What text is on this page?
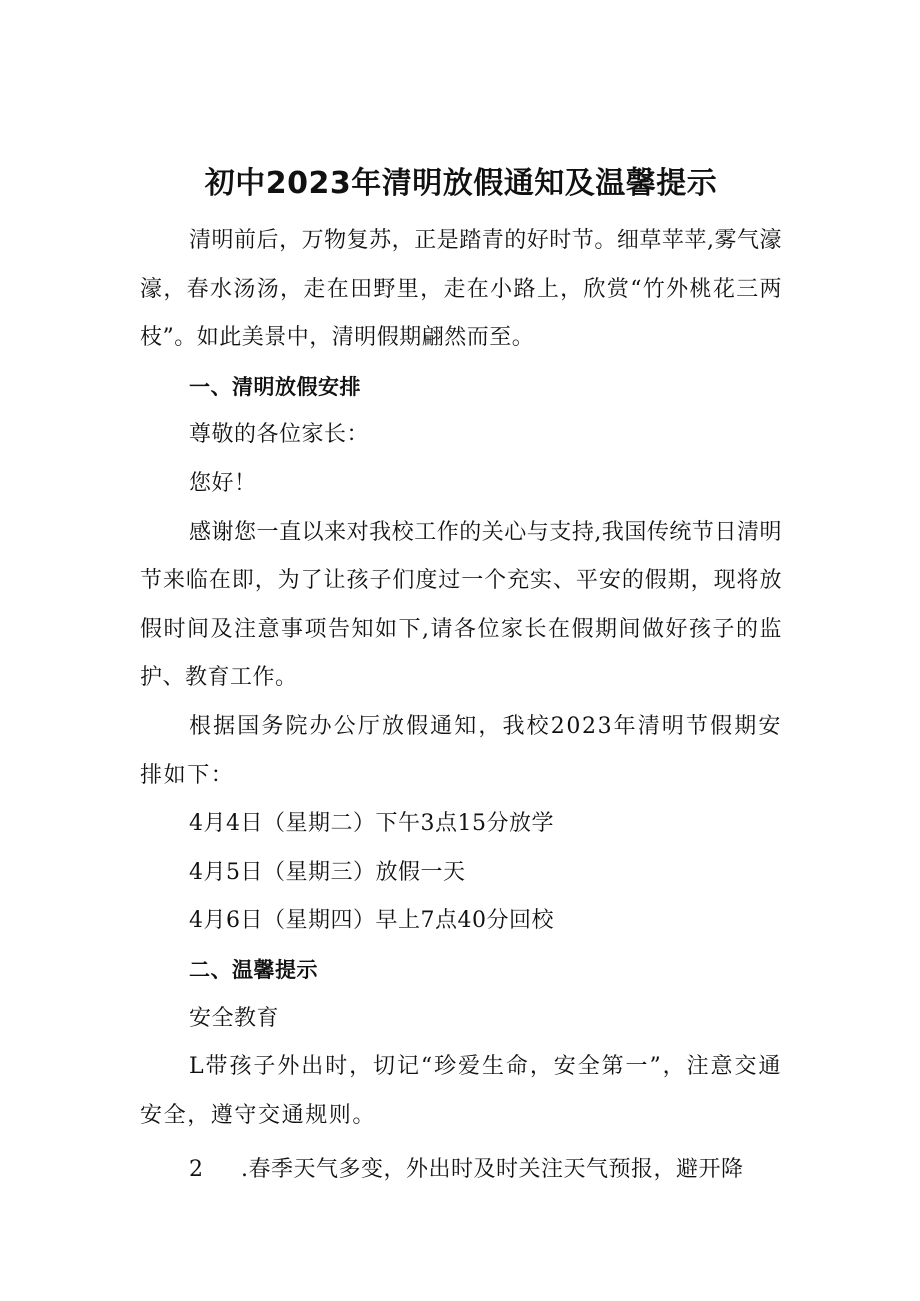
初中2023年清明放假通知及温馨提示

清明前后，万物复苏，正是踏青的好时节。细草苹苹,雾气濠濠，春水汤汤，走在田野里，走在小路上，欣赏“竹外桃花三两枝”。如此美景中，清明假期翩然而至。

一、清明放假安排

尊敬的各位家长：

您好！

感谢您一直以来对我校工作的关心与支持,我国传统节日清明节来临在即，为了让孩子们度过一个充实、平安的假期，现将放假时间及注意事项告知如下,请各位家长在假期间做好孩子的监护、教育工作。

根据国务院办公厅放假通知，我校2023年清明节假期安排如下：

4月4日（星期二）下午3点15分放学

4月5日（星期三）放假一天

4月6日（星期四）早上7点40分回校

二、温馨提示

安全教育

L带孩子外出时，切记“珍爱生命，安全第一”，注意交通安全，遵守交通规则。

2 .春季天气多变，外出时及时关注天气预报，避开降
